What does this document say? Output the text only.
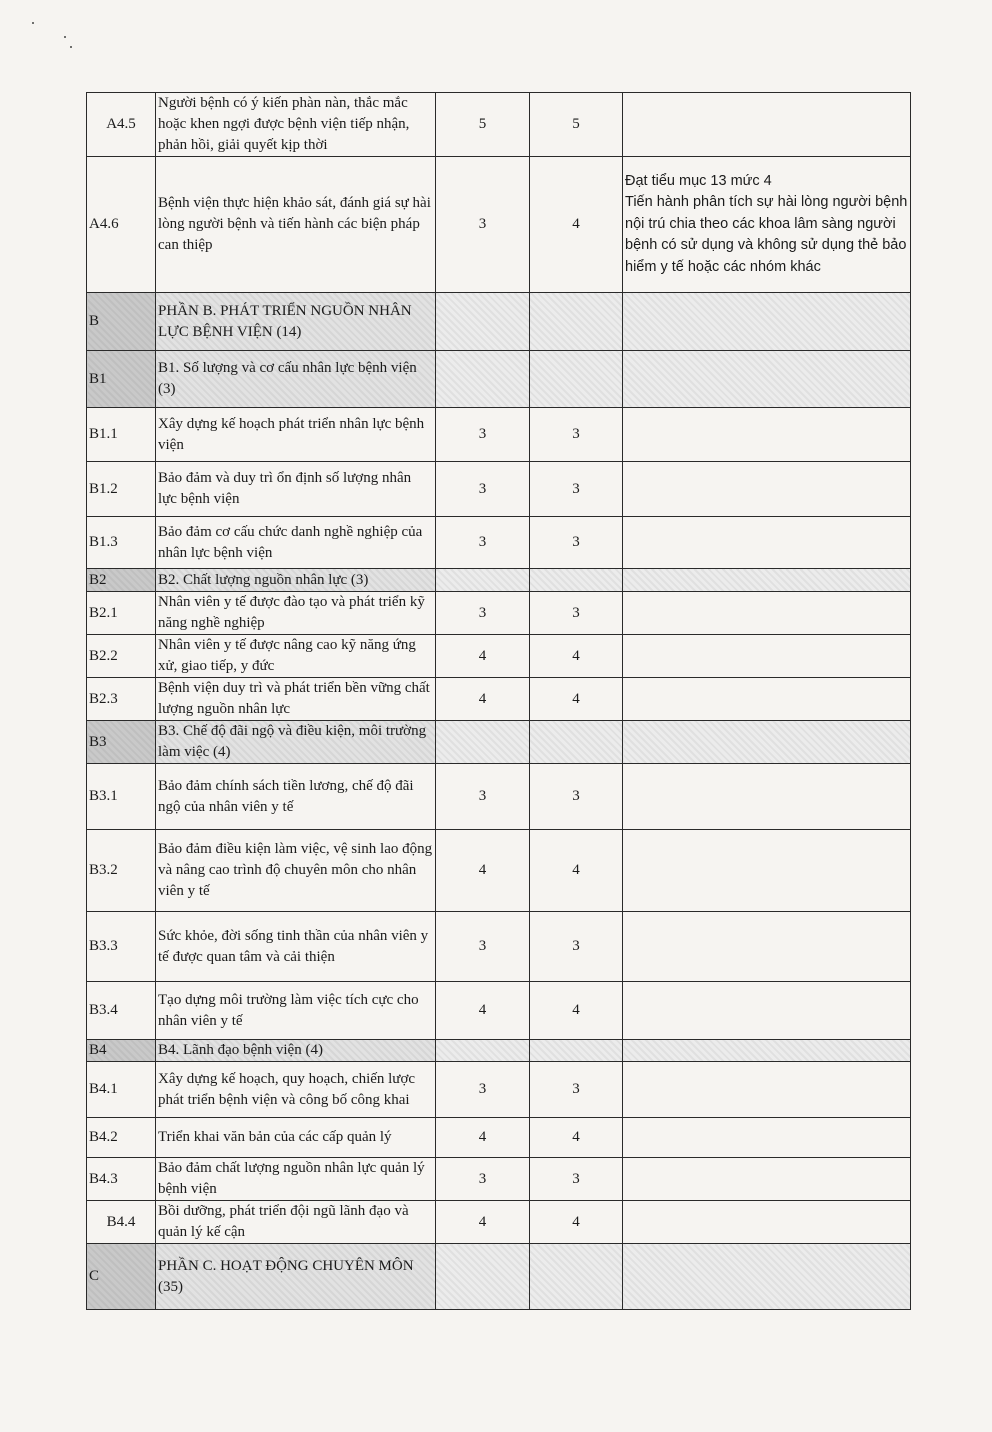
A4.5	Người bệnh có ý kiến phàn nàn, thắc mắc hoặc khen ngợi được bệnh viện tiếp nhận, phản hồi, giải quyết kịp thời	5	5	
A4.6	Bệnh viện thực hiện khảo sát, đánh giá sự hài lòng người bệnh và tiến hành các biện pháp can thiệp	3	4	Đạt tiểu mục 13 mức 4
Tiến hành phân tích sự hài lòng người bệnh nội trú chia theo các khoa lâm sàng người bệnh có sử dụng và không sử dụng thẻ bảo hiểm y tế hoặc các nhóm khác

B	PHẦN B. PHÁT TRIỂN NGUỒN NHÂN LỰC BỆNH VIỆN (14)			
B1	B1. Số lượng và cơ cấu nhân lực bệnh viện (3)			
B1.1	Xây dựng kế hoạch phát triển nhân lực bệnh viện	3	3	
B1.2	Bảo đảm và duy trì ổn định số lượng nhân lực bệnh viện	3	3	
B1.3	Bảo đảm cơ cấu chức danh nghề nghiệp của nhân lực bệnh viện	3	3	
B2	B2. Chất lượng nguồn nhân lực (3)			
B2.1	Nhân viên y tế được đào tạo và phát triển kỹ năng nghề nghiệp	3	3	
B2.2	Nhân viên y tế được nâng cao kỹ năng ứng xử, giao tiếp, y đức	4	4	
B2.3	Bệnh viện duy trì và phát triển bền vững chất lượng nguồn nhân lực	4	4	
B3	B3. Chế độ đãi ngộ và điều kiện, môi trường làm việc (4)			
B3.1	Bảo đảm chính sách tiền lương, chế độ đãi ngộ của nhân viên y tế	3	3	
B3.2	Bảo đảm điều kiện làm việc, vệ sinh lao động và nâng cao trình độ chuyên môn cho nhân viên y tế	4	4	
B3.3	Sức khỏe, đời sống tinh thần của nhân viên y tế được quan tâm và cải thiện	3	3	
B3.4	Tạo dựng môi trường làm việc tích cực cho nhân viên y tế	4	4	
B4	B4. Lãnh đạo bệnh viện (4)			
B4.1	Xây dựng kế hoạch, quy hoạch, chiến lược phát triển bệnh viện và công bố công khai	3	3	
B4.2	Triển khai văn bản của các cấp quản lý	4	4	
B4.3	Bảo đảm chất lượng nguồn nhân lực quản lý bệnh viện	3	3	
B4.4	Bồi dưỡng, phát triển đội ngũ lãnh đạo và quản lý kế cận	4	4	
C	PHẦN C. HOẠT ĐỘNG CHUYÊN MÔN (35)			
